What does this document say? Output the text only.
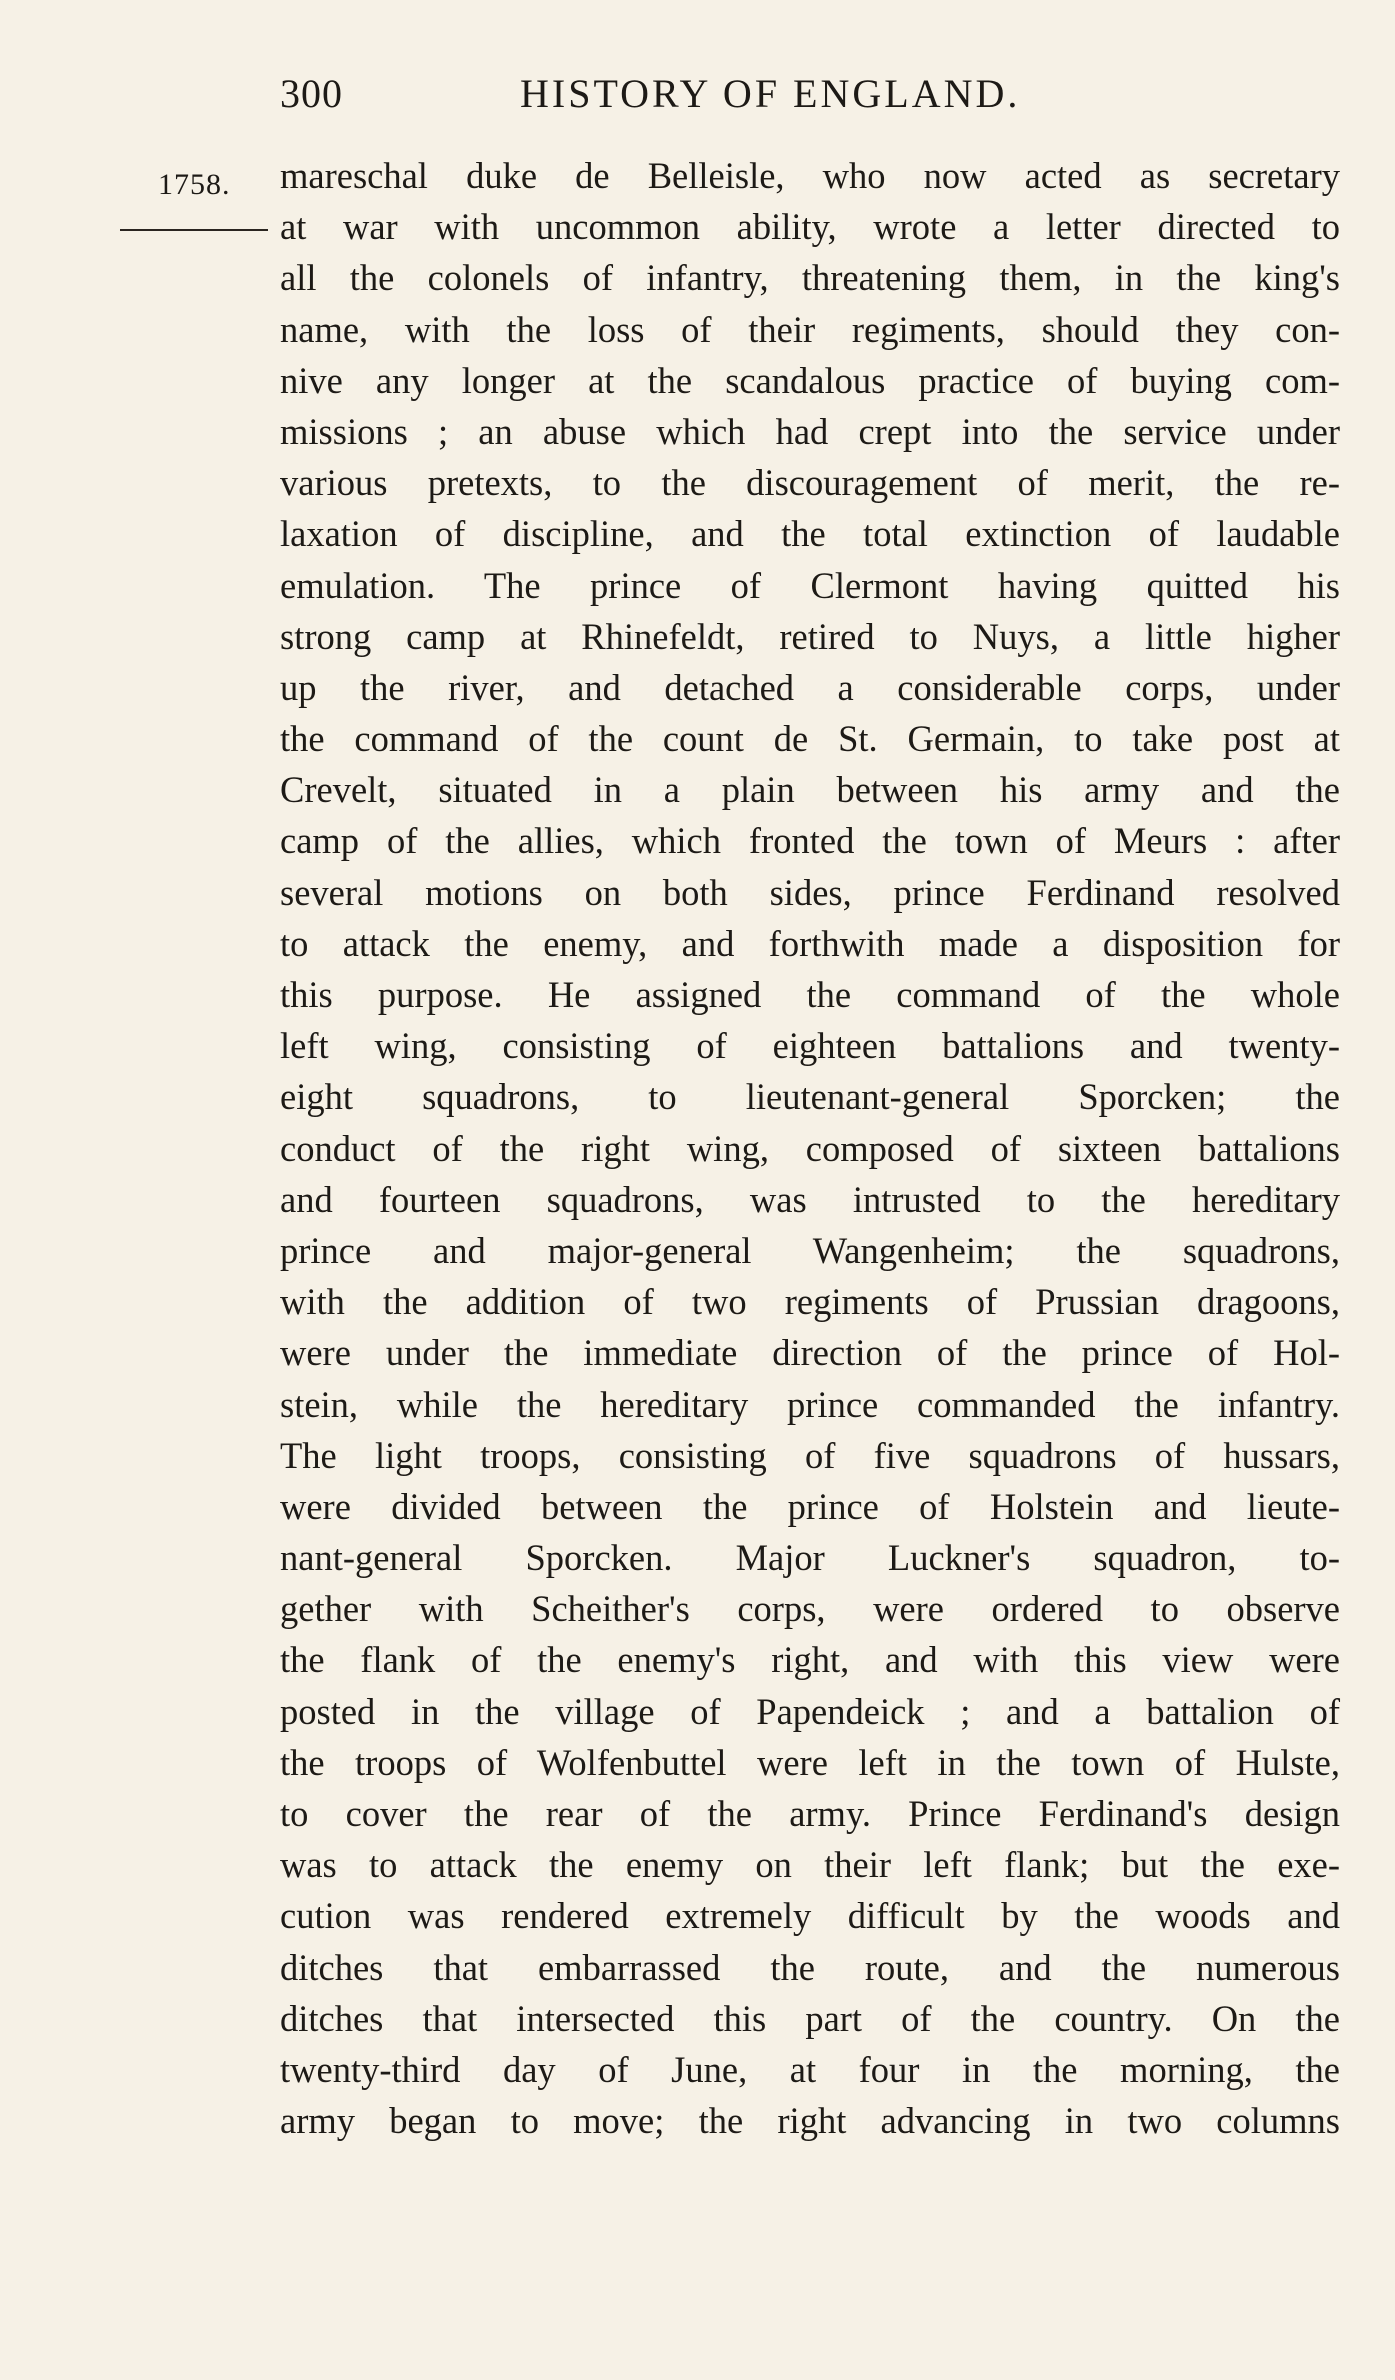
300	HISTORY OF ENGLAND.
1758. mareschal duke de Belleisle, who now acted as secretary
at war with uncommon ability, wrote a letter directed to
all the colonels of infantry, threatening them, in the king's
name, with the loss of their regiments, should they con-
nive any longer at the scandalous practice of buying com-
missions ; an abuse which had crept into the service under
various pretexts, to the discouragement of merit, the re-
laxation of discipline, and the total extinction of laudable
emulation. The prince of Clermont having quitted his
strong camp at Rhinefeldt, retired to Nuys, a little higher
up the river, and detached a considerable corps, under
the command of the count de St. Germain, to take post at
Crevelt, situated in a plain between his army and the
camp of the allies, which fronted the town of Meurs : after
several motions on both sides, prince Ferdinand resolved
to attack the enemy, and forthwith made a disposition for
this purpose. He assigned the command of the whole
left wing, consisting of eighteen battalions and twenty-
eight squadrons, to lieutenant-general Sporcken; the
conduct of the right wing, composed of sixteen battalions
and fourteen squadrons, was intrusted to the hereditary
prince and major-general Wangenheim; the squadrons,
with the addition of two regiments of Prussian dragoons,
were under the immediate direction of the prince of Hol-
stein, while the hereditary prince commanded the infantry.
The light troops, consisting of five squadrons of hussars,
were divided between the prince of Holstein and lieute-
nant-general Sporcken. Major Luckner's squadron, to-
gether with Scheither's corps, were ordered to observe
the flank of the enemy's right, and with this view were
posted in the village of Papendeick ; and a battalion of
the troops of Wolfenbuttel were left in the town of Hulste,
to cover the rear of the army. Prince Ferdinand's design
was to attack the enemy on their left flank; but the exe-
cution was rendered extremely difficult by the woods and
ditches that embarrassed the route, and the numerous
ditches that intersected this part of the country. On the
twenty-third day of June, at four in the morning, the
army began to move; the right advancing in two columns
